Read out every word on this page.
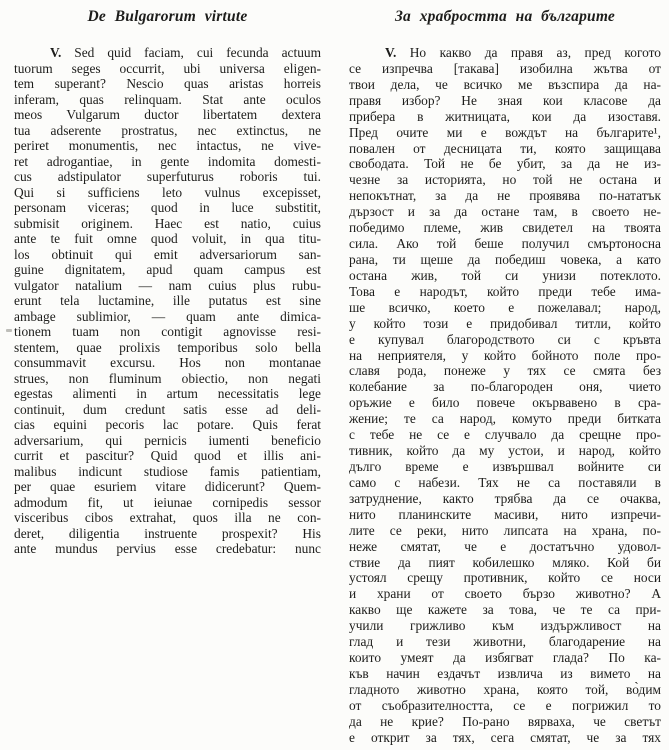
De Bulgarorum virtute
V. Sed quid faciam, cui fecunda actuum
tuorum seges occurrit, ubi universa eligen-
tem superant? Nescio quas aristas horreis
inferam, quas relinquam. Stat ante oculos
meos Vulgarum ductor libertatem dextera
tua adserente prostratus, nec extinctus, ne
periret monumentis, nec intactus, ne vive-
ret adrogantiae, in gente indomita domesti-
cus adstipulator superfuturus roboris tui.
Qui si sufficiens leto vulnus excepisset,
personam viceras; quod in luce substitit,
submisit originem. Haec est natio, cuius
ante te fuit omne quod voluit, in qua titu-
los obtinuit qui emit adversariorum san-
guine dignitatem, apud quam campus est
vulgator natalium — nam cuius plus rubu-
erunt tela luctamine, ille putatus est sine
ambage sublimior, — quam ante dimica-
tionem tuam non contigit agnovisse resi-
stentem, quae prolixis temporibus solo bella
consummavit excursu. Hos non montanae
strues, non fluminum obiectio, non negati
egestas alimenti in artum necessitatis lege
continuit, dum credunt satis esse ad deli-
cias equini pecoris lac potare. Quis ferat
adversarium, qui pernicis iumenti beneficio
currit et pascitur? Quid quod et illis ani-
malibus indicunt studiose famis patientiam,
per quae esuriem vitare didicerunt? Quem-
admodum fit, ut ieiunae cornipedis sessor
visceribus cibos extrahat, quos illa ne con-
deret, diligentia instruente prospexit? His
ante mundus pervius esse credebatur: nunc
За храбростта на българите
V. Но какво да правя аз, пред когото
се изпречва [такава] изобилна жътва от
твои дела, че всичко ме възспира да на-
правя избор? Не зная кои класове да
прибера в житницата, кои да изоставя.
Пред очите ми е вождът на българите¹,
повален от десницата ти, която защищава
свободата. Той не бе убит, за да не из-
чезне за историята, но той не остана и
непокътнат, за да не проявява по-нататък
дързост и за да остане там, в своето не-
победимо племе, жив свидетел на твоята
сила. Ако той беше получил смъртоносна
рана, ти щеше да победиш човека, а като
остана жив, той си унизи потеклото.
Това е народът, който преди тебе има-
ше всичко, което е пожелавал; народ,
у който този е придобивал титли, който
е купувал благородството си с кръвта
на неприятеля, у който бойното поле про-
славя рода, понеже у тях се смята без
колебание за по-благороден оня, чието
оръжие е било повече окървавено в сра-
жение; те са народ, комуто преди битката
с тебе не се е случвало да срещне про-
тивник, който да му устои, и народ, който
дълго време е извършвал войните си
само с набези. Тях не са поставяли в
затруднение, както трябва да се очаква,
нито планинските масиви, нито изпречи-
лите се реки, нито липсата на храна, по-
неже смятат, че е достатъчно удовол-
ствие да пият кобилешко мляко. Кой би
устоял срещу противник, който се носи
и храни от своето бързо животно? А
какво ще кажете за това, че те са при-
учили грижливо към издържливост на
глад и тези животни, благодарение на
които умеят да избягват глада? По ка-
къв начин ездачът извлича из вимето на
гладното животно храна, която той, во̀дим
от съобразителността, се е погрижил то
да не крие? По-рано вярваха, че светът
е открит за тях, сега смятат, че за тях
